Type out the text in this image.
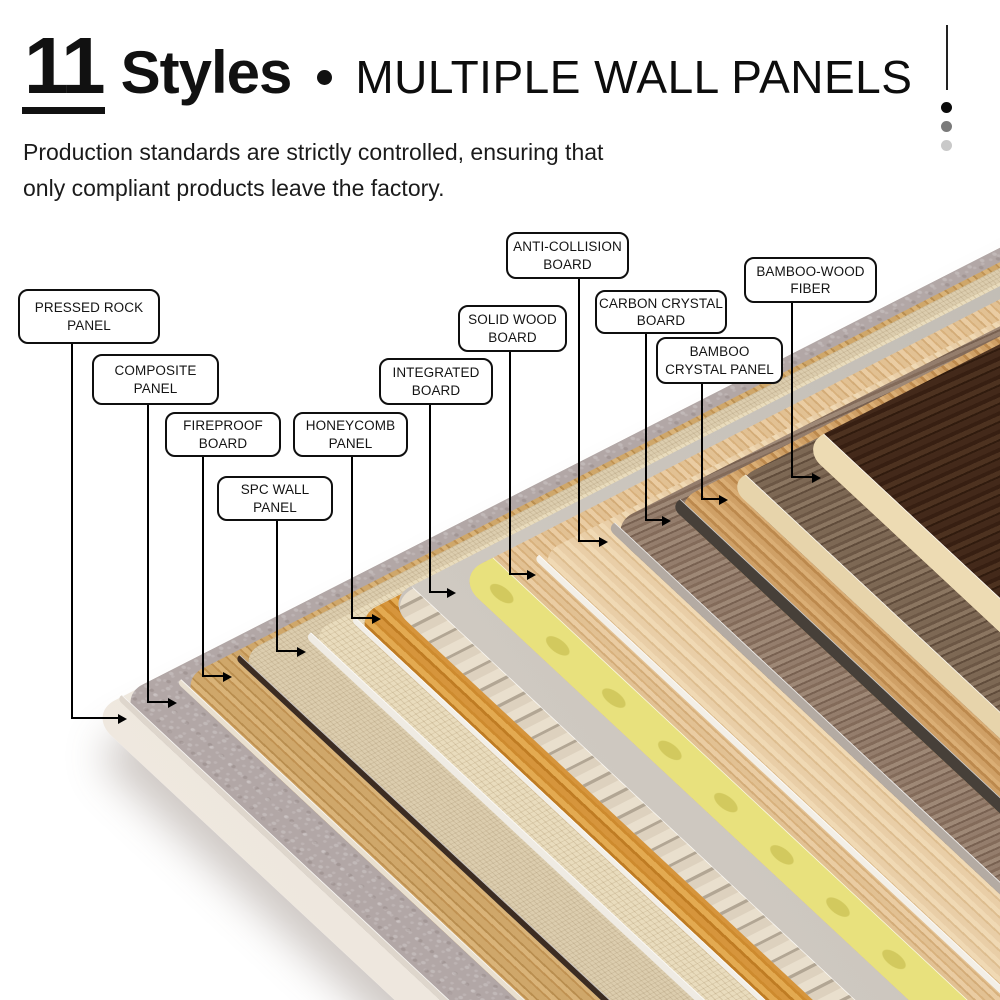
11 Styles MULTIPLE WALL PANELS
Production standards are strictly controlled, ensuring that
only compliant products leave the factory.
PRESSED ROCK
PANEL
COMPOSITE
PANEL
FIREPROOF
BOARD
SPC WALL
PANEL
HONEYCOMB
PANEL
INTEGRATED
BOARD
SOLID WOOD
BOARD
ANTI-COLLISION
BOARD
CARBON CRYSTAL
BOARD
BAMBOO
CRYSTAL PANEL
BAMBOO-WOOD
FIBER
